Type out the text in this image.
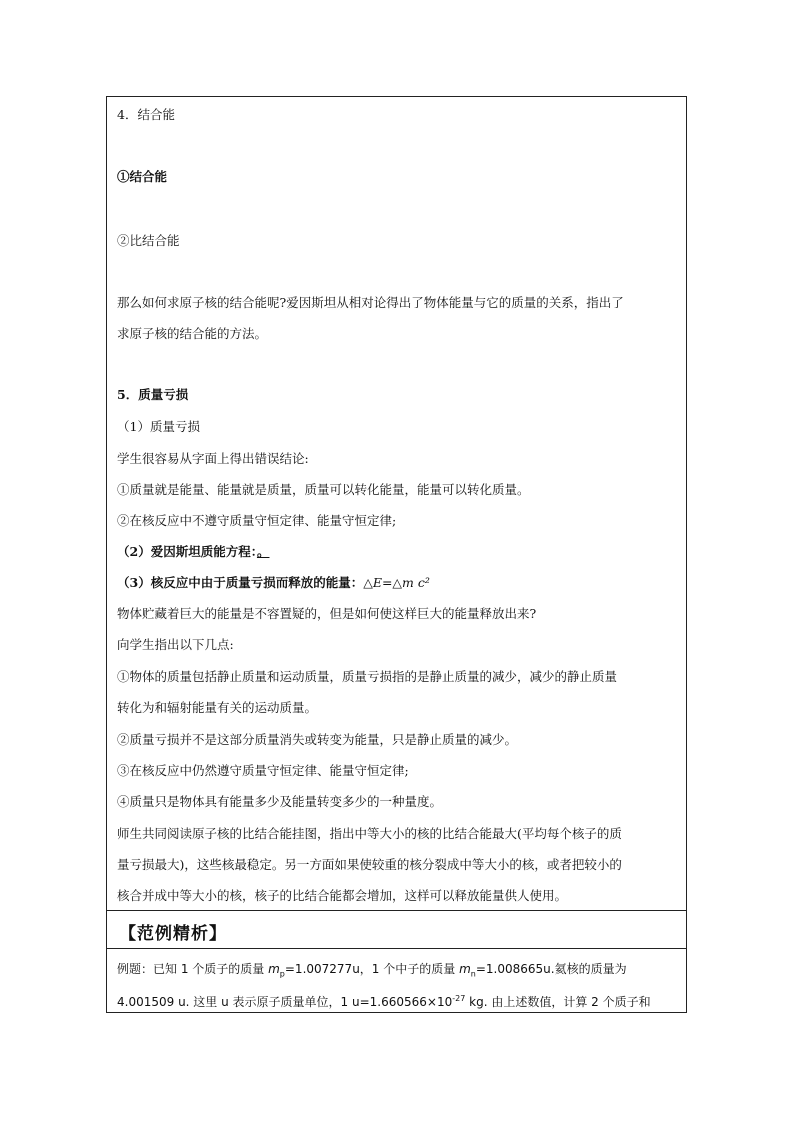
4．结合能
①结合能
②比结合能
那么如何求原子核的结合能呢?爱因斯坦从相对论得出了物体能量与它的质量的关系，指出了
求原子核的结合能的方法。
5．质量亏损
（1）质量亏损
学生很容易从字面上得出错误结论:
①质量就是能量、能量就是质量，质量可以转化能量，能量可以转化质量。
②在核反应中不遵守质量守恒定律、能量守恒定律;
（2）爱因斯坦质能方程：。
（3）核反应中由于质量亏损而释放的能量：△E=△m c²
物体贮藏着巨大的能量是不容置疑的，但是如何使这样巨大的能量释放出来?
向学生指出以下几点:
①物体的质量包括静止质量和运动质量，质量亏损指的是静止质量的减少，减少的静止质量
转化为和辐射能量有关的运动质量。
②质量亏损并不是这部分质量消失或转变为能量，只是静止质量的减少。
③在核反应中仍然遵守质量守恒定律、能量守恒定律;
④质量只是物体具有能量多少及能量转变多少的一种量度。
师生共同阅读原子核的比结合能挂图，指出中等大小的核的比结合能最大(平均每个核子的质
量亏损最大)，这些核最稳定。另一方面如果使较重的核分裂成中等大小的核，或者把较小的
核合并成中等大小的核，核子的比结合能都会增加，这样可以释放能量供人使用。
【范例精析】
例题：已知 1 个质子的质量 $m_p=1.007277u$，1 个中子的质量 $m_n=1.008665u$.氦核的质量为
4.001509 u. 这里 u 表示原子质量单位，1 $u=1.660566\times 10^{-27}$ kg. 由上述数值，计算 2 个质子和
